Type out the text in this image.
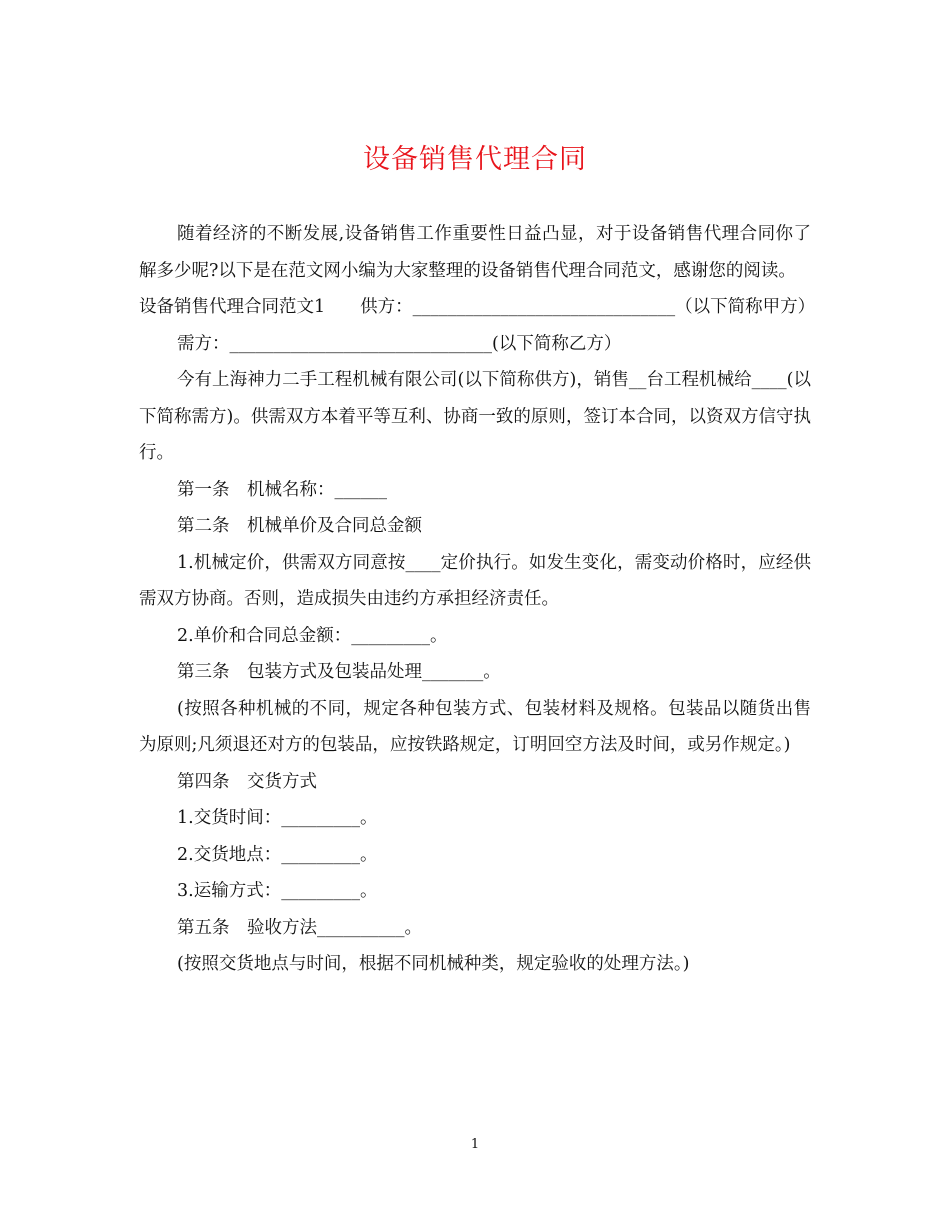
设备销售代理合同

随着经济的不断发展,设备销售工作重要性日益凸显，对于设备销售代理合同你了解多少呢?以下是在范文网小编为大家整理的设备销售代理合同范文，感谢您的阅读。

设备销售代理合同范文1　　供方：______________________________（以下简称甲方）

需方：______________________________(以下简称乙方）

今有上海神力二手工程机械有限公司(以下简称供方)，销售__台工程机械给____(以下简称需方)。供需双方本着平等互利、协商一致的原则，签订本合同，以资双方信守执行。

第一条　机械名称：______

第二条　机械单价及合同总金额

1.机械定价，供需双方同意按____定价执行。如发生变化，需变动价格时，应经供需双方协商。否则，造成损失由违约方承担经济责任。

2.单价和合同总金额：_________。

第三条　包装方式及包装品处理_______。

(按照各种机械的不同，规定各种包装方式、包装材料及规格。包装品以随货出售为原则;凡须退还对方的包装品，应按铁路规定，订明回空方法及时间，或另作规定。)

第四条　交货方式

1.交货时间：_________。

2.交货地点：_________。

3.运输方式：_________。

第五条　验收方法__________。

(按照交货地点与时间，根据不同机械种类，规定验收的处理方法。)

1
